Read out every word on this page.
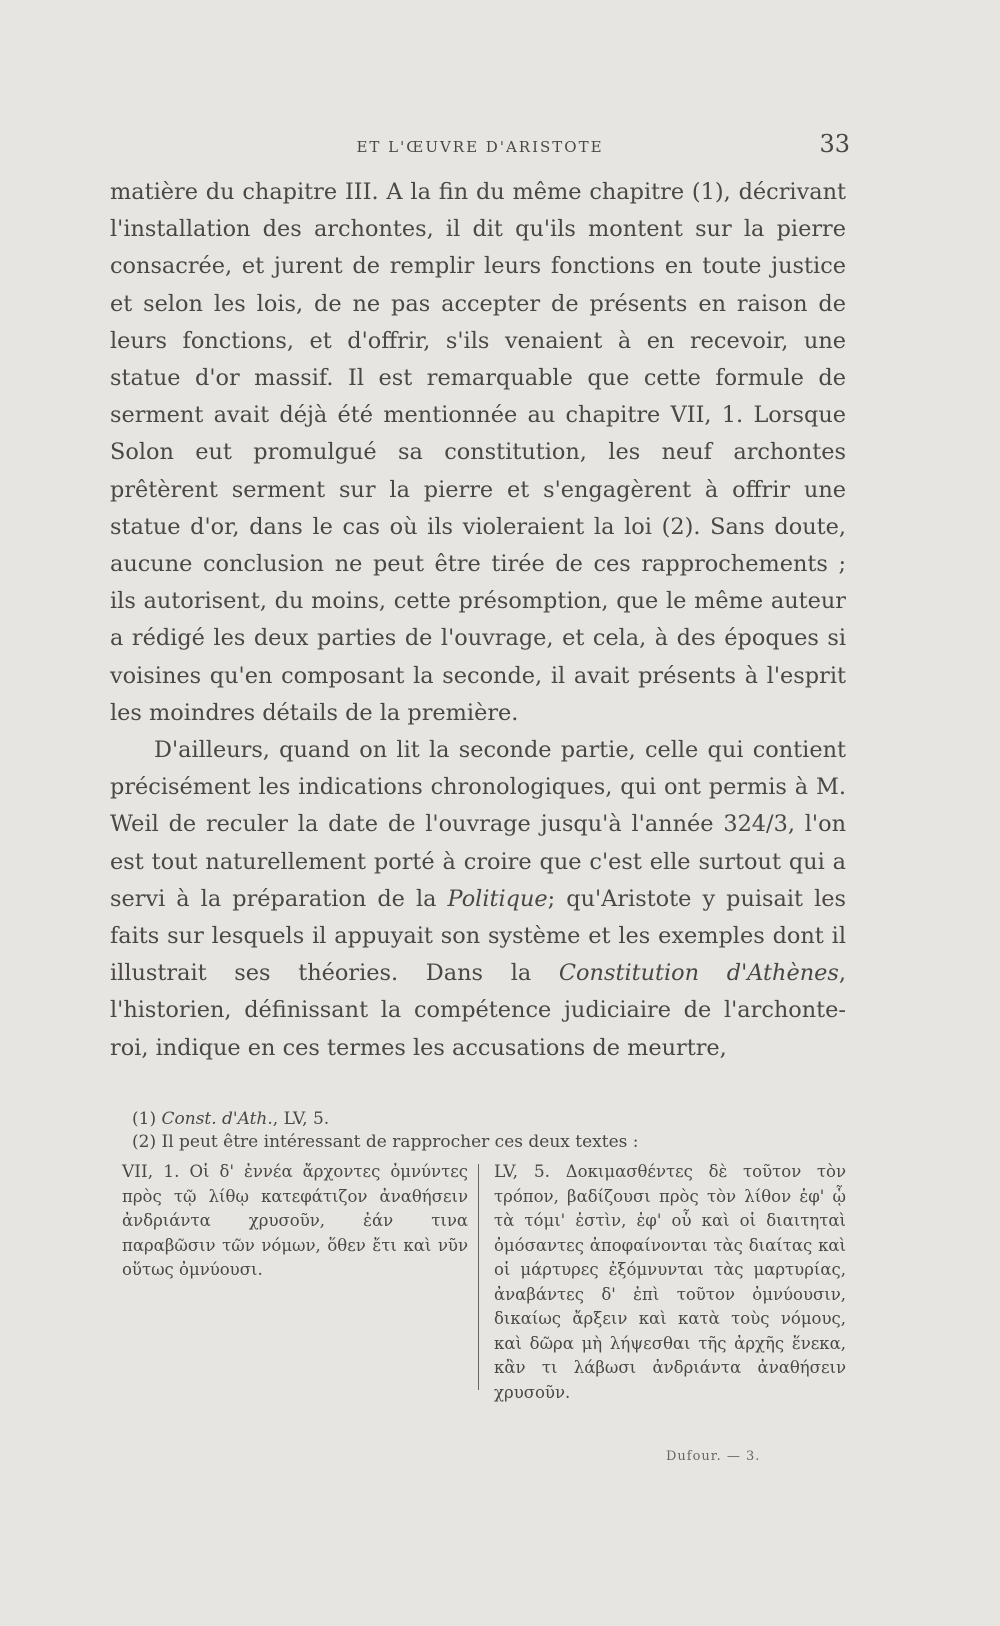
ET L'ŒUVRE D'ARISTOTE	33

matière du chapitre III. A la fin du même chapitre (1), décrivant l'installation des archontes, il dit qu'ils montent sur la pierre consacrée, et jurent de remplir leurs fonctions en toute justice et selon les lois, de ne pas accepter de présents en raison de leurs fonctions, et d'offrir, s'ils venaient à en recevoir, une statue d'or massif. Il est remarquable que cette formule de serment avait déjà été mentionnée au chapitre VII, 1. Lorsque Solon eut promulgué sa constitution, les neuf archontes prêtèrent serment sur la pierre et s'engagèrent à offrir une statue d'or, dans le cas où ils violeraient la loi (2). Sans doute, aucune conclusion ne peut être tirée de ces rapprochements ; ils autorisent, du moins, cette présomption, que le même auteur a rédigé les deux parties de l'ouvrage, et cela, à des époques si voisines qu'en composant la seconde, il avait présents à l'esprit les moindres détails de la première.

D'ailleurs, quand on lit la seconde partie, celle qui contient précisément les indications chronologiques, qui ont permis à M. Weil de reculer la date de l'ouvrage jusqu'à l'année 324/3, l'on est tout naturellement porté à croire que c'est elle surtout qui a servi à la préparation de la Politique; qu'Aristote y puisait les faits sur lesquels il appuyait son système et les exemples dont il illustrait ses théories. Dans la Constitution d'Athènes, l'historien, définissant la compétence judiciaire de l'archonte-roi, indique en ces termes les accusations de meurtre,

(1) Const. d'Ath., LV, 5.

(2) Il peut être intéressant de rapprocher ces deux textes :

VII, 1. Οἱ δ' ἐννέα ἄρχοντες ὀμνύντες πρὸς τῷ λίθῳ κατεφάτιζον ἀναθήσειν ἀνδριάντα χρυσοῦν, ἐάν τινα παραβῶσιν τῶν νόμων, ὅθεν ἔτι καὶ νῦν οὕτως ὀμνύουσι.
LV, 5. Δοκιμασθέντες δὲ τοῦτον τὸν τρόπον, βαδίζουσι πρὸς τὸν λίθον ἐφ' ᾧ τὰ τόμι' ἐστὶν, ἐφ' οὗ καὶ οἱ διαιτηταὶ ὀμόσαντες ἀποφαίνονται τὰς διαίτας καὶ οἱ μάρτυρες ἐξόμνυνται τὰς μαρτυρίας, ἀναβάντες δ' ἐπὶ τοῦτον ὀμνύουσιν, δικαίως ἄρξειν καὶ κατὰ τοὺς νόμους, καὶ δῶρα μὴ λήψεσθαι τῆς ἀρχῆς ἕνεκα, κἂν τι λάβωσι ἀνδριάντα ἀναθήσειν χρυσοῦν.
Dufour. — 3.
